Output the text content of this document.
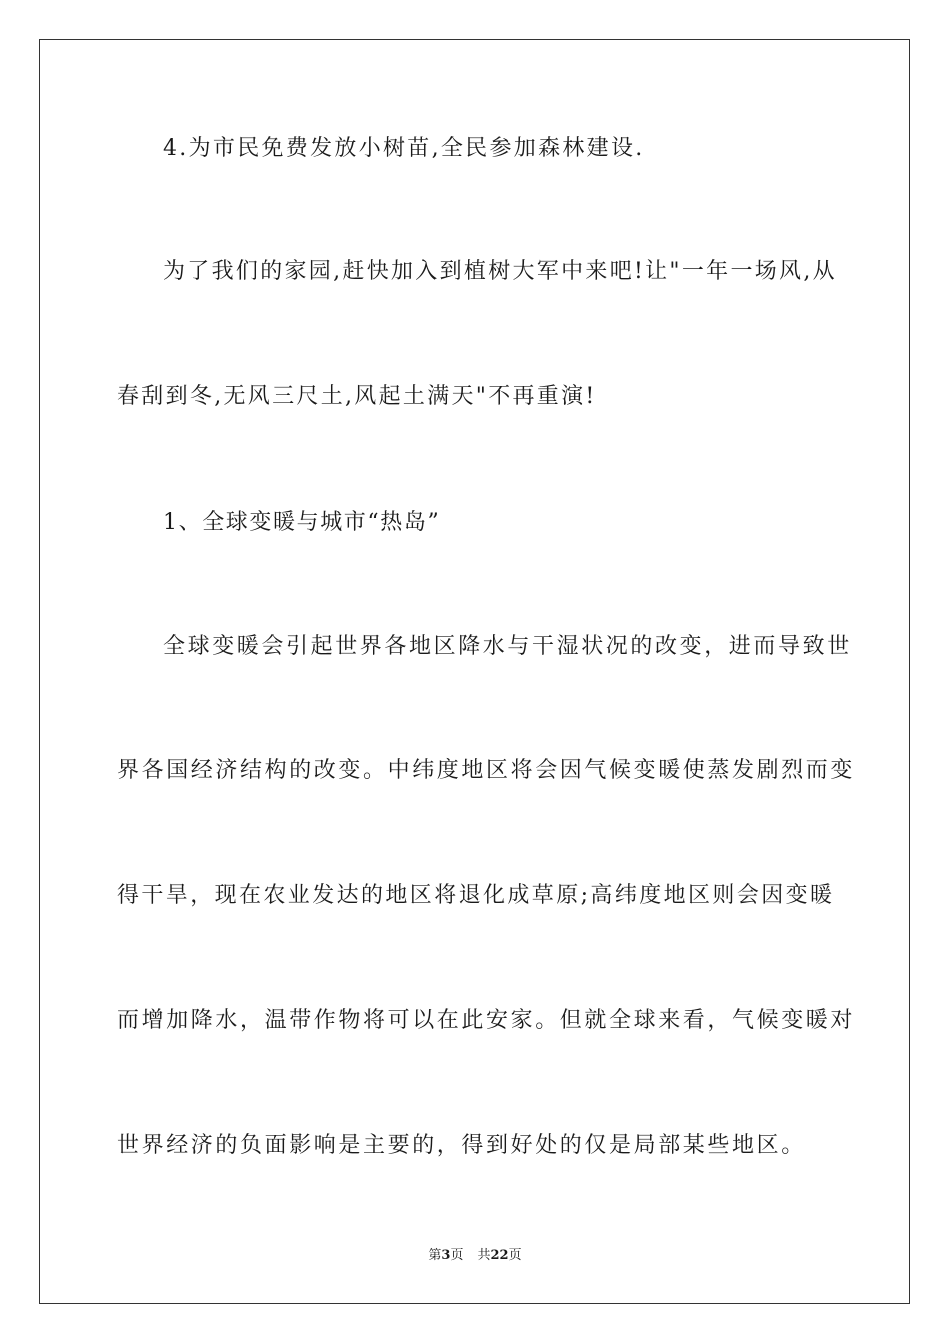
4.为市民免费发放小树苗,全民参加森林建设.
为了我们的家园,赶快加入到植树大军中来吧!让"一年一场风,从
春刮到冬,无风三尺土,风起土满天"不再重演!
1、全球变暖与城市“热岛”
全球变暖会引起世界各地区降水与干湿状况的改变，进而导致世
界各国经济结构的改变。中纬度地区将会因气候变暖使蒸发剧烈而变
得干旱，现在农业发达的地区将退化成草原;高纬度地区则会因变暖
而增加降水，温带作物将可以在此安家。但就全球来看，气候变暖对
世界经济的负面影响是主要的，得到好处的仅是局部某些地区。
第3页 共22页
